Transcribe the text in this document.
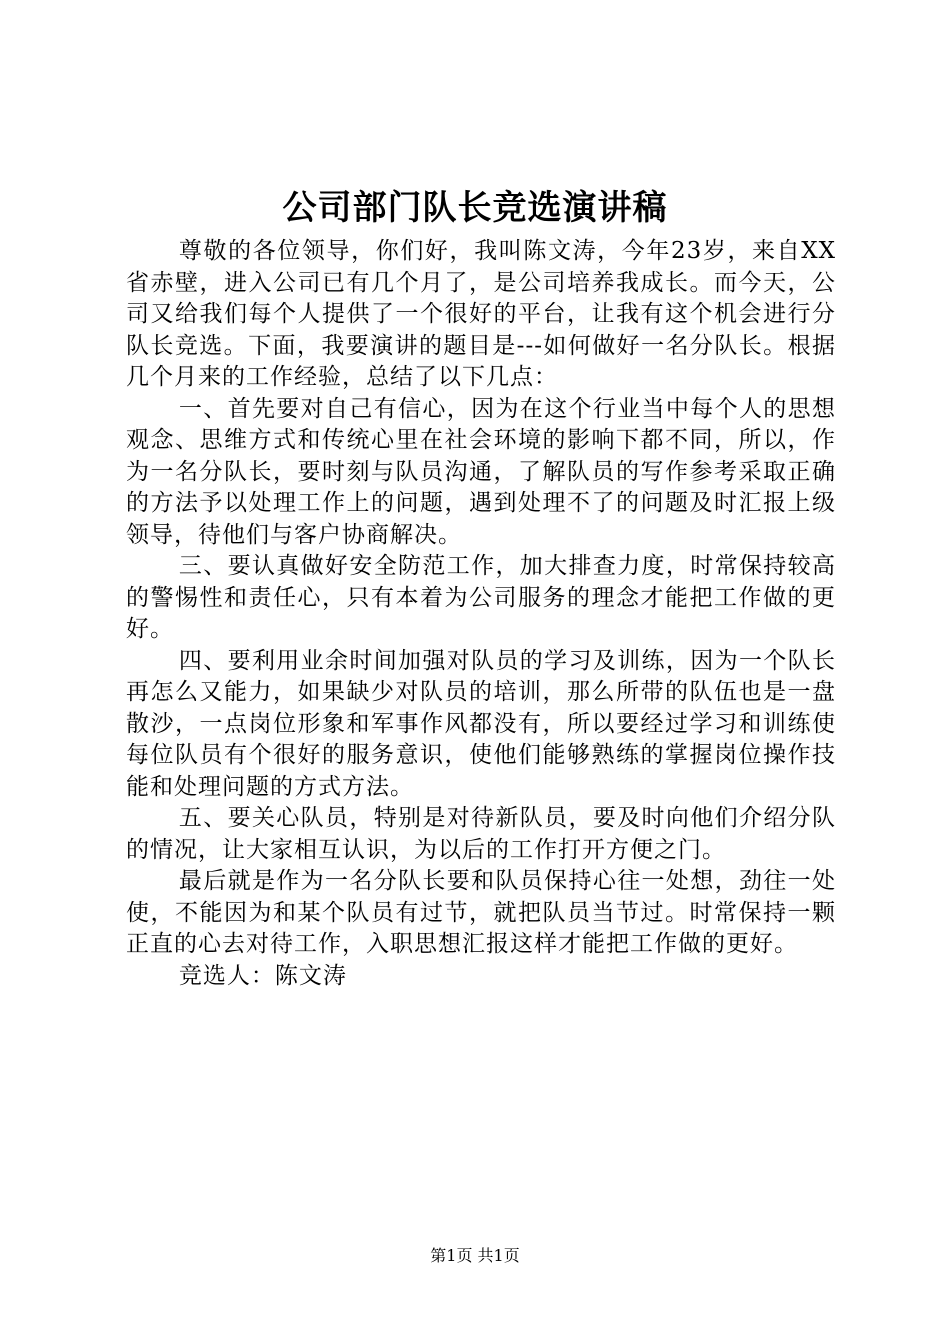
公司部门队长竞选演讲稿

尊敬的各位领导，你们好，我叫陈文涛，今年23岁，来自XX省赤壁，进入公司已有几个月了，是公司培养我成长。而今天，公司又给我们每个人提供了一个很好的平台，让我有这个机会进行分队长竞选。下面，我要演讲的题目是---如何做好一名分队长。根据几个月来的工作经验，总结了以下几点：

一、首先要对自己有信心，因为在这个行业当中每个人的思想观念、思维方式和传统心里在社会环境的影响下都不同，所以，作为一名分队长，要时刻与队员沟通，了解队员的写作参考采取正确的方法予以处理工作上的问题，遇到处理不了的问题及时汇报上级领导，待他们与客户协商解决。

三、要认真做好安全防范工作，加大排查力度，时常保持较高的警惕性和责任心，只有本着为公司服务的理念才能把工作做的更好。

四、要利用业余时间加强对队员的学习及训练，因为一个队长再怎么又能力，如果缺少对队员的培训，那么所带的队伍也是一盘散沙，一点岗位形象和军事作风都没有，所以要经过学习和训练使每位队员有个很好的服务意识，使他们能够熟练的掌握岗位操作技能和处理问题的方式方法。

五、要关心队员，特别是对待新队员，要及时向他们介绍分队的情况，让大家相互认识，为以后的工作打开方便之门。

最后就是作为一名分队长要和队员保持心往一处想，劲往一处使，不能因为和某个队员有过节，就把队员当节过。时常保持一颗正直的心去对待工作，入职思想汇报这样才能把工作做的更好。

竞选人：陈文涛

第1页 共1页
